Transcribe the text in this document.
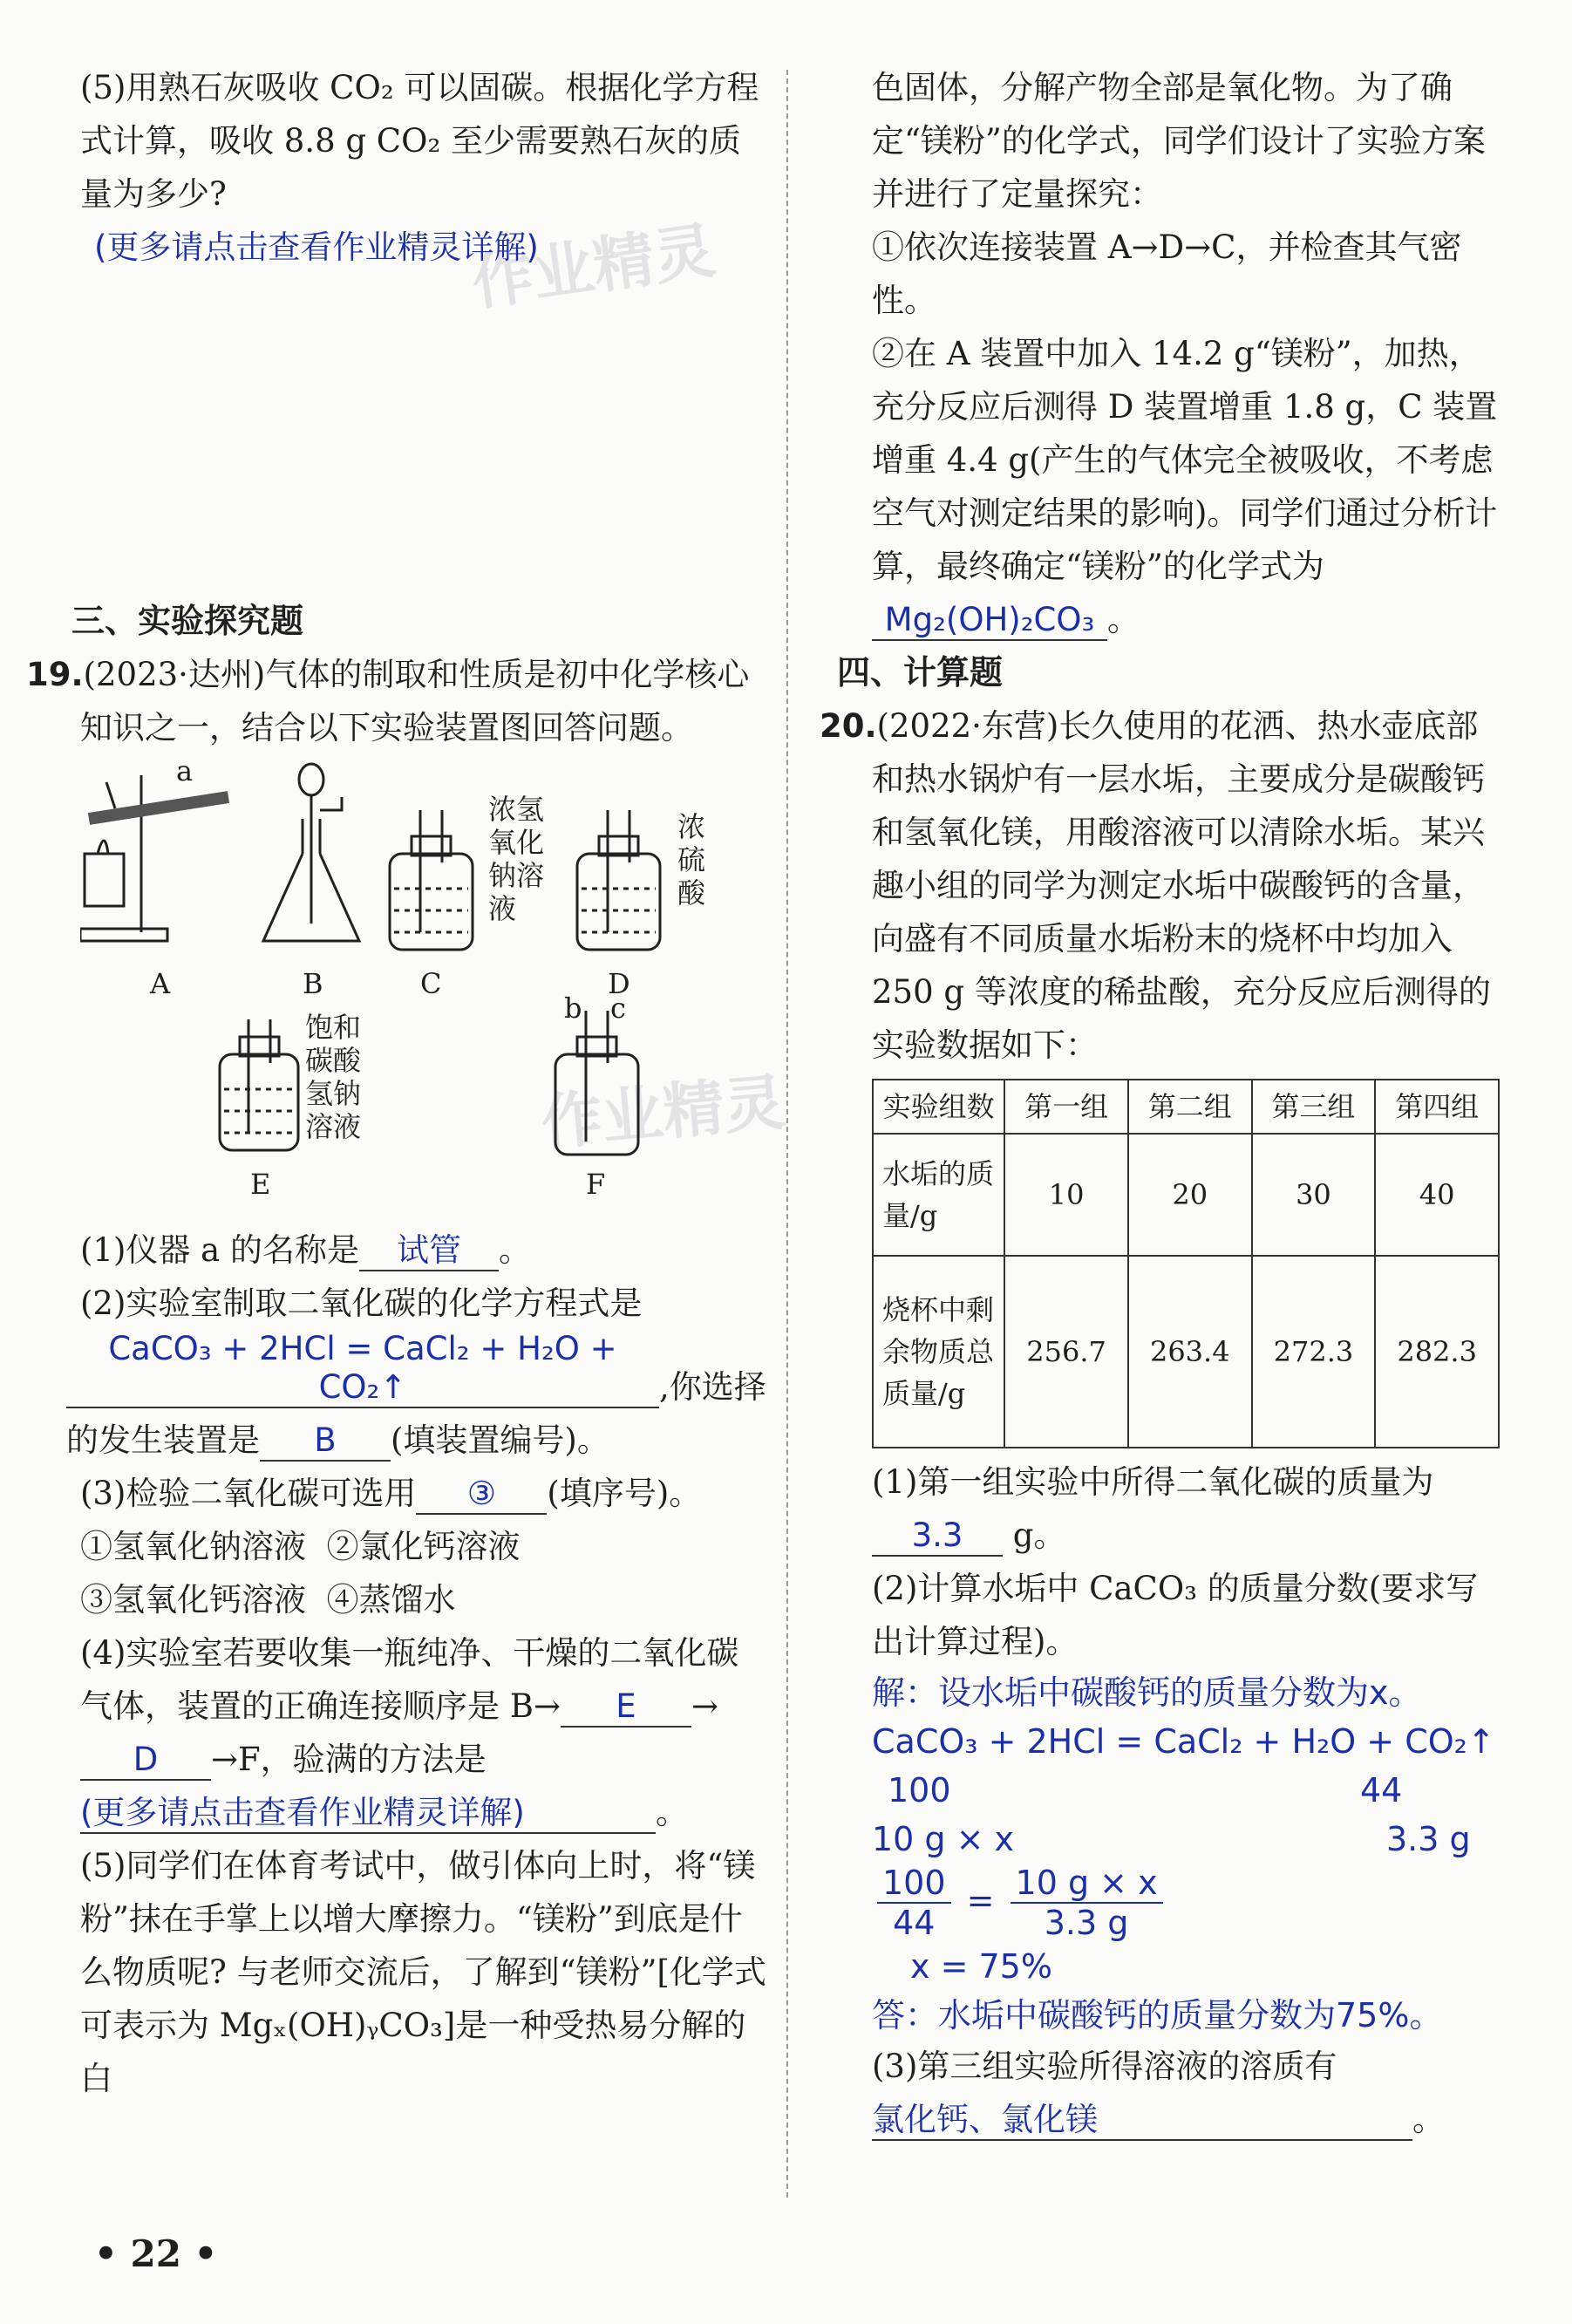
作业精灵
作业精灵

(5)用熟石灰吸收 CO₂ 可以固碳。根据化学方程式计算，吸收 8.8 g CO₂ 至少需要熟石灰的质量为多少?

(更多请点击查看作业精灵详解)

三、实验探究题

19.(2023·达州)气体的制取和性质是初中化学核心知识之一，结合以下实验装置图回答问题。

a
A	B	C	D
E	F
浓氢氧化钠溶液
浓硫酸
饱和碳酸氢钠溶液
b c

(1)仪器 a 的名称是 试管 。

(2)实验室制取二氧化碳的化学方程式是

CaCO₃ + 2HCl = CaCl₂ + H₂O + CO₂↑	,你选择的发生装置是 B (填装置编号)。

(3)检验二氧化碳可选用 ③ (填序号)。

①氢氧化钠溶液 ②氯化钙溶液

③氢氧化钙溶液 ④蒸馏水

(4)实验室若要收集一瓶纯净、干燥的二氧化碳气体，装置的正确连接顺序是 B→ E →D →F，验满的方法是

(更多请点击查看作业精灵详解)	。

(5)同学们在体育考试中，做引体向上时，将“镁粉”抹在手掌上以增大摩擦力。“镁粉”到底是什么物质呢? 与老师交流后，了解到“镁粉”[化学式可表示为 Mgₓ(OH)ᵧCO₃]是一种受热易分解的白

色固体，分解产物全部是氧化物。为了确定“镁粉”的化学式，同学们设计了实验方案并进行了定量探究：

①依次连接装置 A→D→C，并检查其气密性。

②在 A 装置中加入 14.2 g“镁粉”，加热，充分反应后测得 D 装置增重 1.8 g，C 装置增重 4.4 g(产生的气体完全被吸收，不考虑空气对测定结果的影响)。同学们通过分析计算，最终确定“镁粉”的化学式为Mg₂(OH)₂CO₃ 。

四、计算题

20.(2022·东营)长久使用的花洒、热水壶底部和热水锅炉有一层水垢，主要成分是碳酸钙和氢氧化镁，用酸溶液可以清除水垢。某兴趣小组的同学为测定水垢中碳酸钙的含量，向盛有不同质量水垢粉末的烧杯中均加入 250 g 等浓度的稀盐酸，充分反应后测得的实验数据如下：

实验组数	第一组	第二组	第三组	第四组
水垢的质量/g	10	20	30	40
烧杯中剩余物质总质量/g	256.7	263.4	272.3	282.3

(1)第一组实验中所得二氧化碳的质量为

3.3 g。

(2)计算水垢中 CaCO₃ 的质量分数(要求写出计算过程)。

解：设水垢中碳酸钙的质量分数为x。

CaCO₃ + 2HCl = CaCl₂ + H₂O + CO₂↑

100	44

10 g × x	3.3 g

$\frac{100}{44} = \frac{10 g \times x}{3.3 g}$

x = 75%

答：水垢中碳酸钙的质量分数为75%。

(3)第三组实验所得溶液的溶质有

氯化钙、氯化镁	。

• 22 •
